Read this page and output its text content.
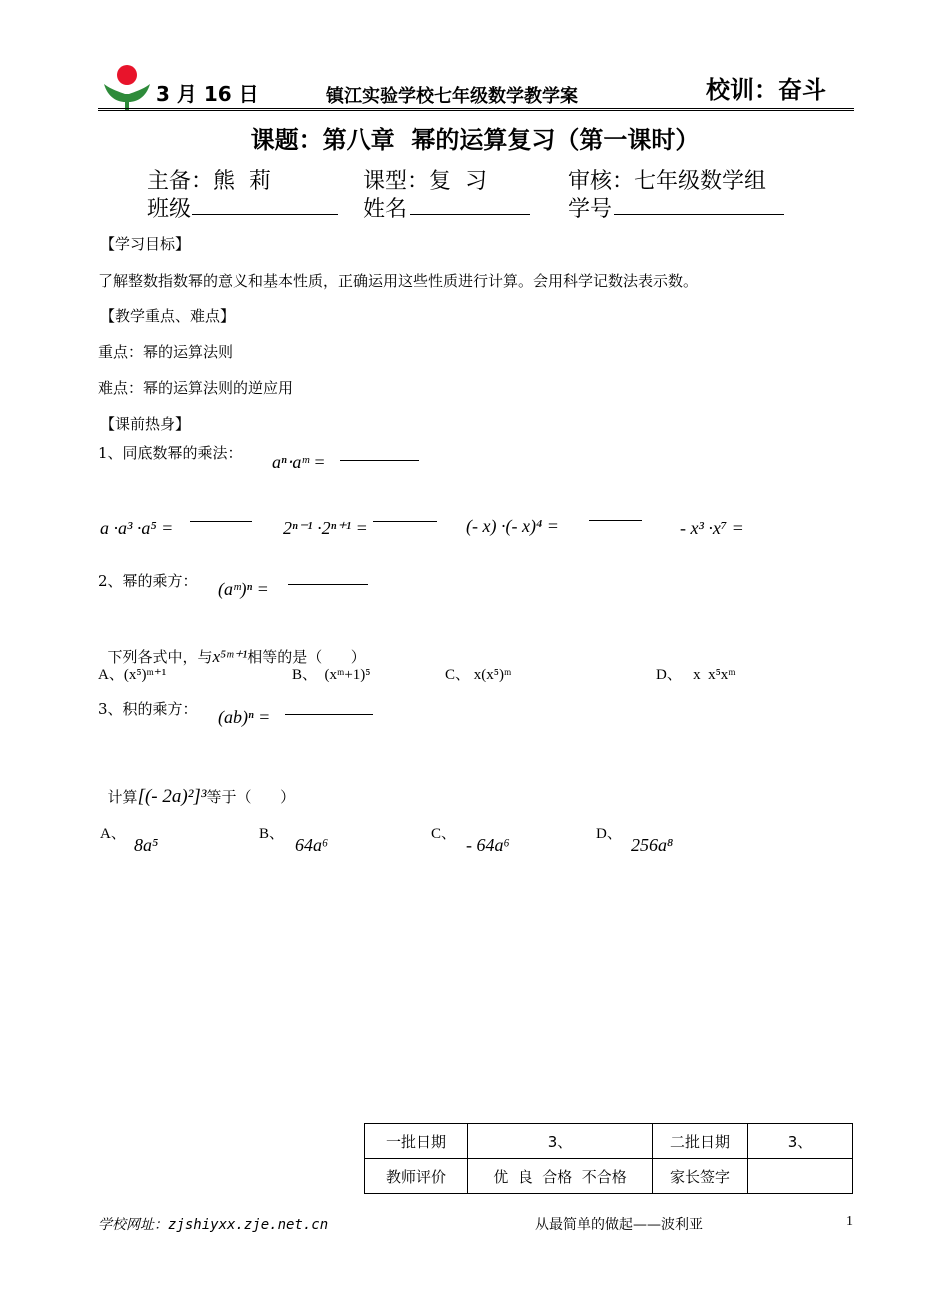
3 月 16 日	镇江实验学校七年级数学教学案	校训：奋斗
课题：第八章  幂的运算复习（第一课时）
主备：熊  莉	课型：复  习	审核：七年级数学组
班级	姓名	学号
【学习目标】
了解整数指数幂的意义和基本性质，正确运用这些性质进行计算。会用科学记数法表示数。
【教学重点、难点】
重点：幂的运算法则
难点：幂的运算法则的逆应用
【课前热身】
1、同底数幂的乘法： aⁿ⋅aᵐ =
a ·a³ ·a⁵ =	2ⁿ⁻¹ ·2ⁿ⁺¹ =	(- x) ·(- x)⁴ =	- x³ ·x⁷ =
2、幂的乘方： (aᵐ)ⁿ =

下列各式中，与x⁵ᵐ⁺¹相等的是（      ）

A、(x⁵)ᵐ⁺¹	B、  (xᵐ+1)⁵	C、 x(x⁵)ᵐ	D、   x  x⁵xᵐ
3、积的乘方： (ab)ⁿ =

计算[(- 2a)²]³等于（      ）

A、
8a⁵
B、
64a⁶
C、
- 64a⁶
D、
256a⁸
一批日期	3、	二批日期	3、
教师评价	优  良  合格  不合格	家长签字	
学校网址：zjshiyxx.zje.net.cn	从最简单的做起——波利亚	1
